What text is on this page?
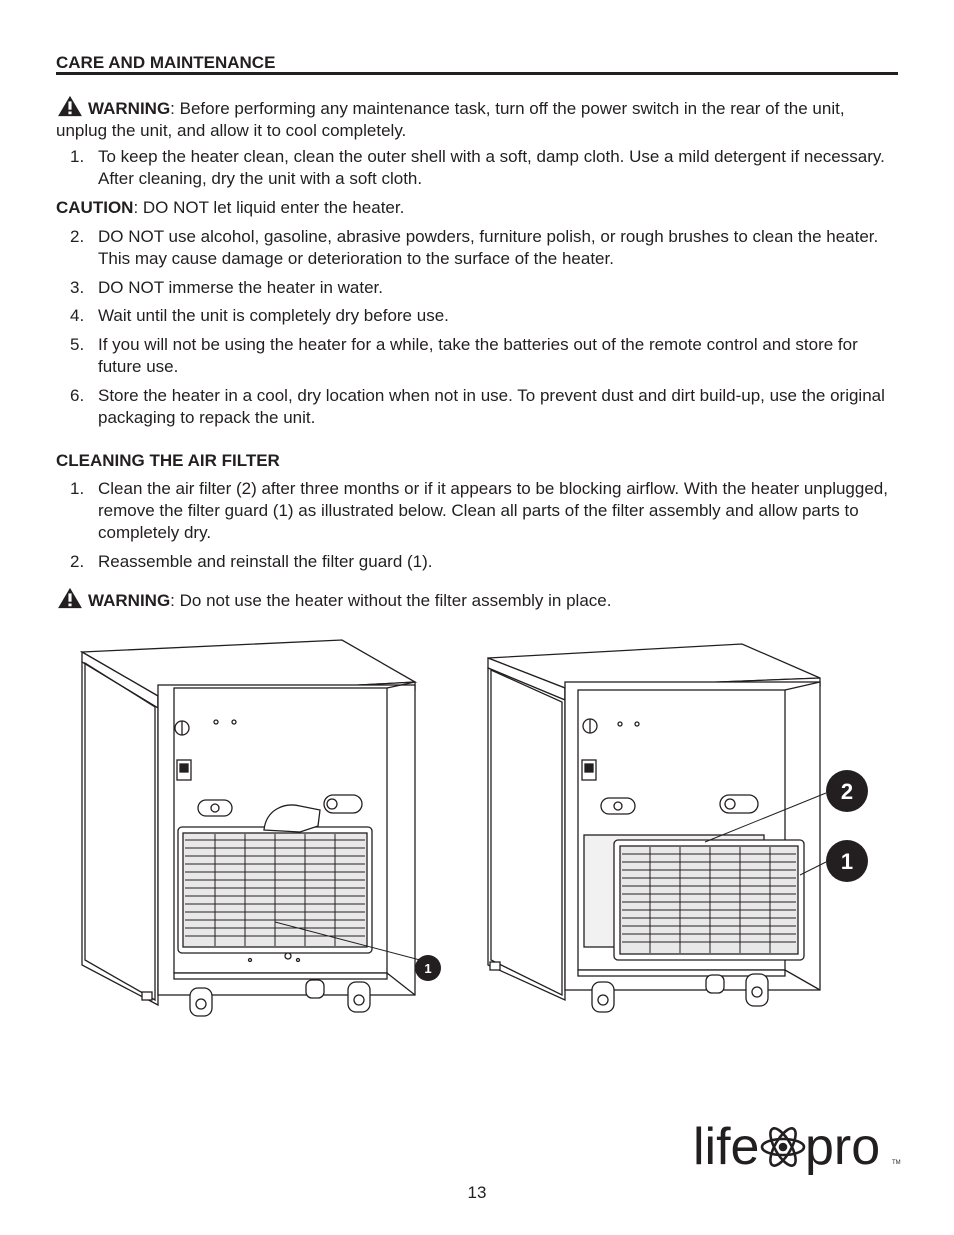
CARE AND MAINTENANCE
WARNING: Before performing any maintenance task, turn off the power switch in the rear of the unit, unplug the unit, and allow it to cool completely.
1. To keep the heater clean, clean the outer shell with a soft, damp cloth. Use a mild detergent if necessary. After cleaning, dry the unit with a soft cloth.
CAUTION: DO NOT let liquid enter the heater.
2. DO NOT use alcohol, gasoline, abrasive powders, furniture polish, or rough brushes to clean the heater. This may cause damage or deterioration to the surface of the heater.
3. DO NOT immerse the heater in water.
4. Wait until the unit is completely dry before use.
5. If you will not be using the heater for a while, take the batteries out of the remote control and store for future use.
6. Store the heater in a cool, dry location when not in use. To prevent dust and dirt build-up, use the original packaging to repack the unit.
CLEANING THE AIR FILTER
1. Clean the air filter (2) after three months or if it appears to be blocking airflow. With the heater unplugged, remove the filter guard (1) as illustrated below. Clean all parts of the filter assembly and allow parts to completely dry.
2. Reassemble and reinstall the filter guard (1).
WARNING: Do not use the heater without the filter assembly in place.
1
2
1
life pro TM
13
